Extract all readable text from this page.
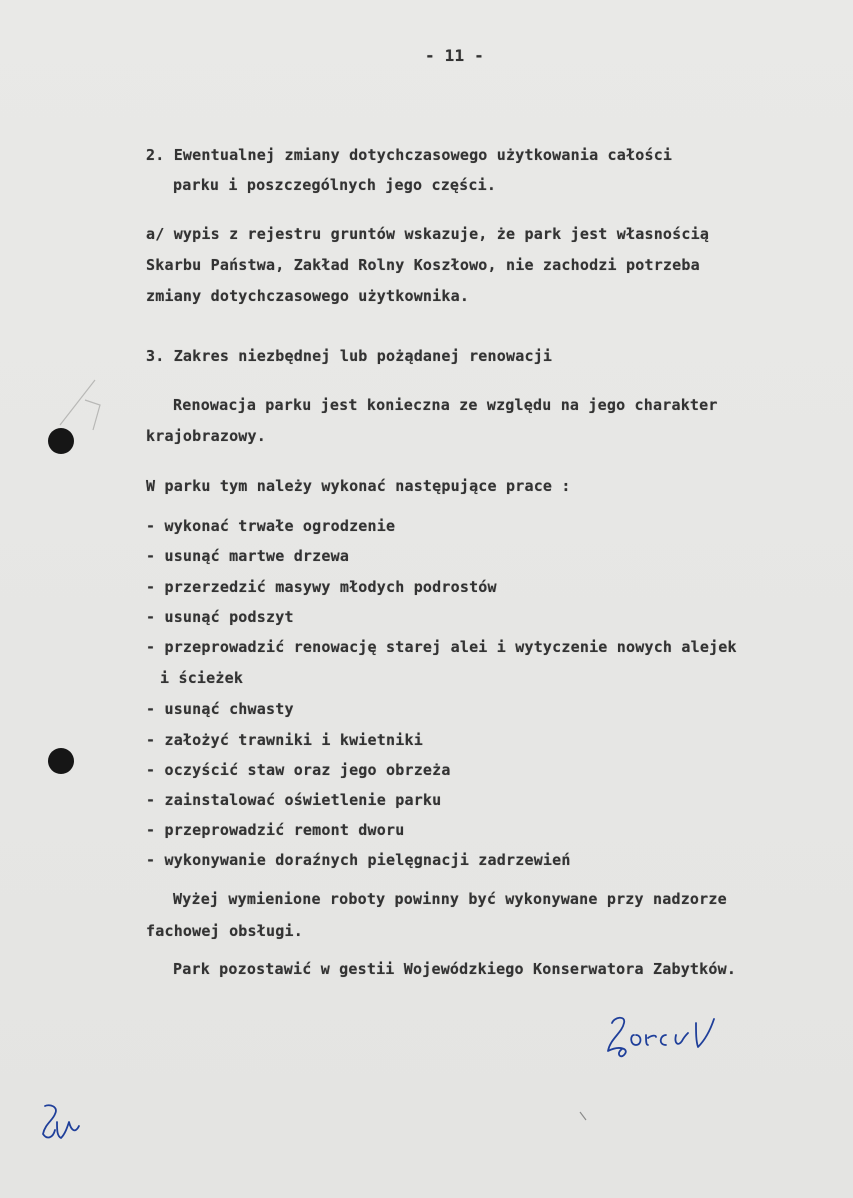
- 11 -
2. Ewentualnej zmiany dotychczasowego użytkowania całości
parku i poszczególnych jego części.
a/ wypis z rejestru gruntów wskazuje, że park jest własnością
Skarbu Państwa, Zakład Rolny Koszłowo, nie zachodzi potrzeba
zmiany dotychczasowego użytkownika.
3. Zakres niezbędnej lub pożądanej renowacji
Renowacja parku jest konieczna ze względu na jego charakter
krajobrazowy.
W parku tym należy wykonać następujące prace :
- wykonać trwałe ogrodzenie
- usunąć martwe drzewa
- przerzedzić masywy młodych podrostów
- usunąć podszyt
- przeprowadzić renowację starej alei i wytyczenie nowych alejek
i ścieżek
- usunąć chwasty
- założyć trawniki i kwietniki
- oczyścić staw oraz jego obrzeża
- zainstalować oświetlenie parku
- przeprowadzić remont dworu
- wykonywanie doraźnych pielęgnacji zadrzewień
Wyżej wymienione roboty powinny być wykonywane przy nadzorze
fachowej obsługi.
Park pozostawić w gestii Wojewódzkiego Konserwatora Zabytków.
